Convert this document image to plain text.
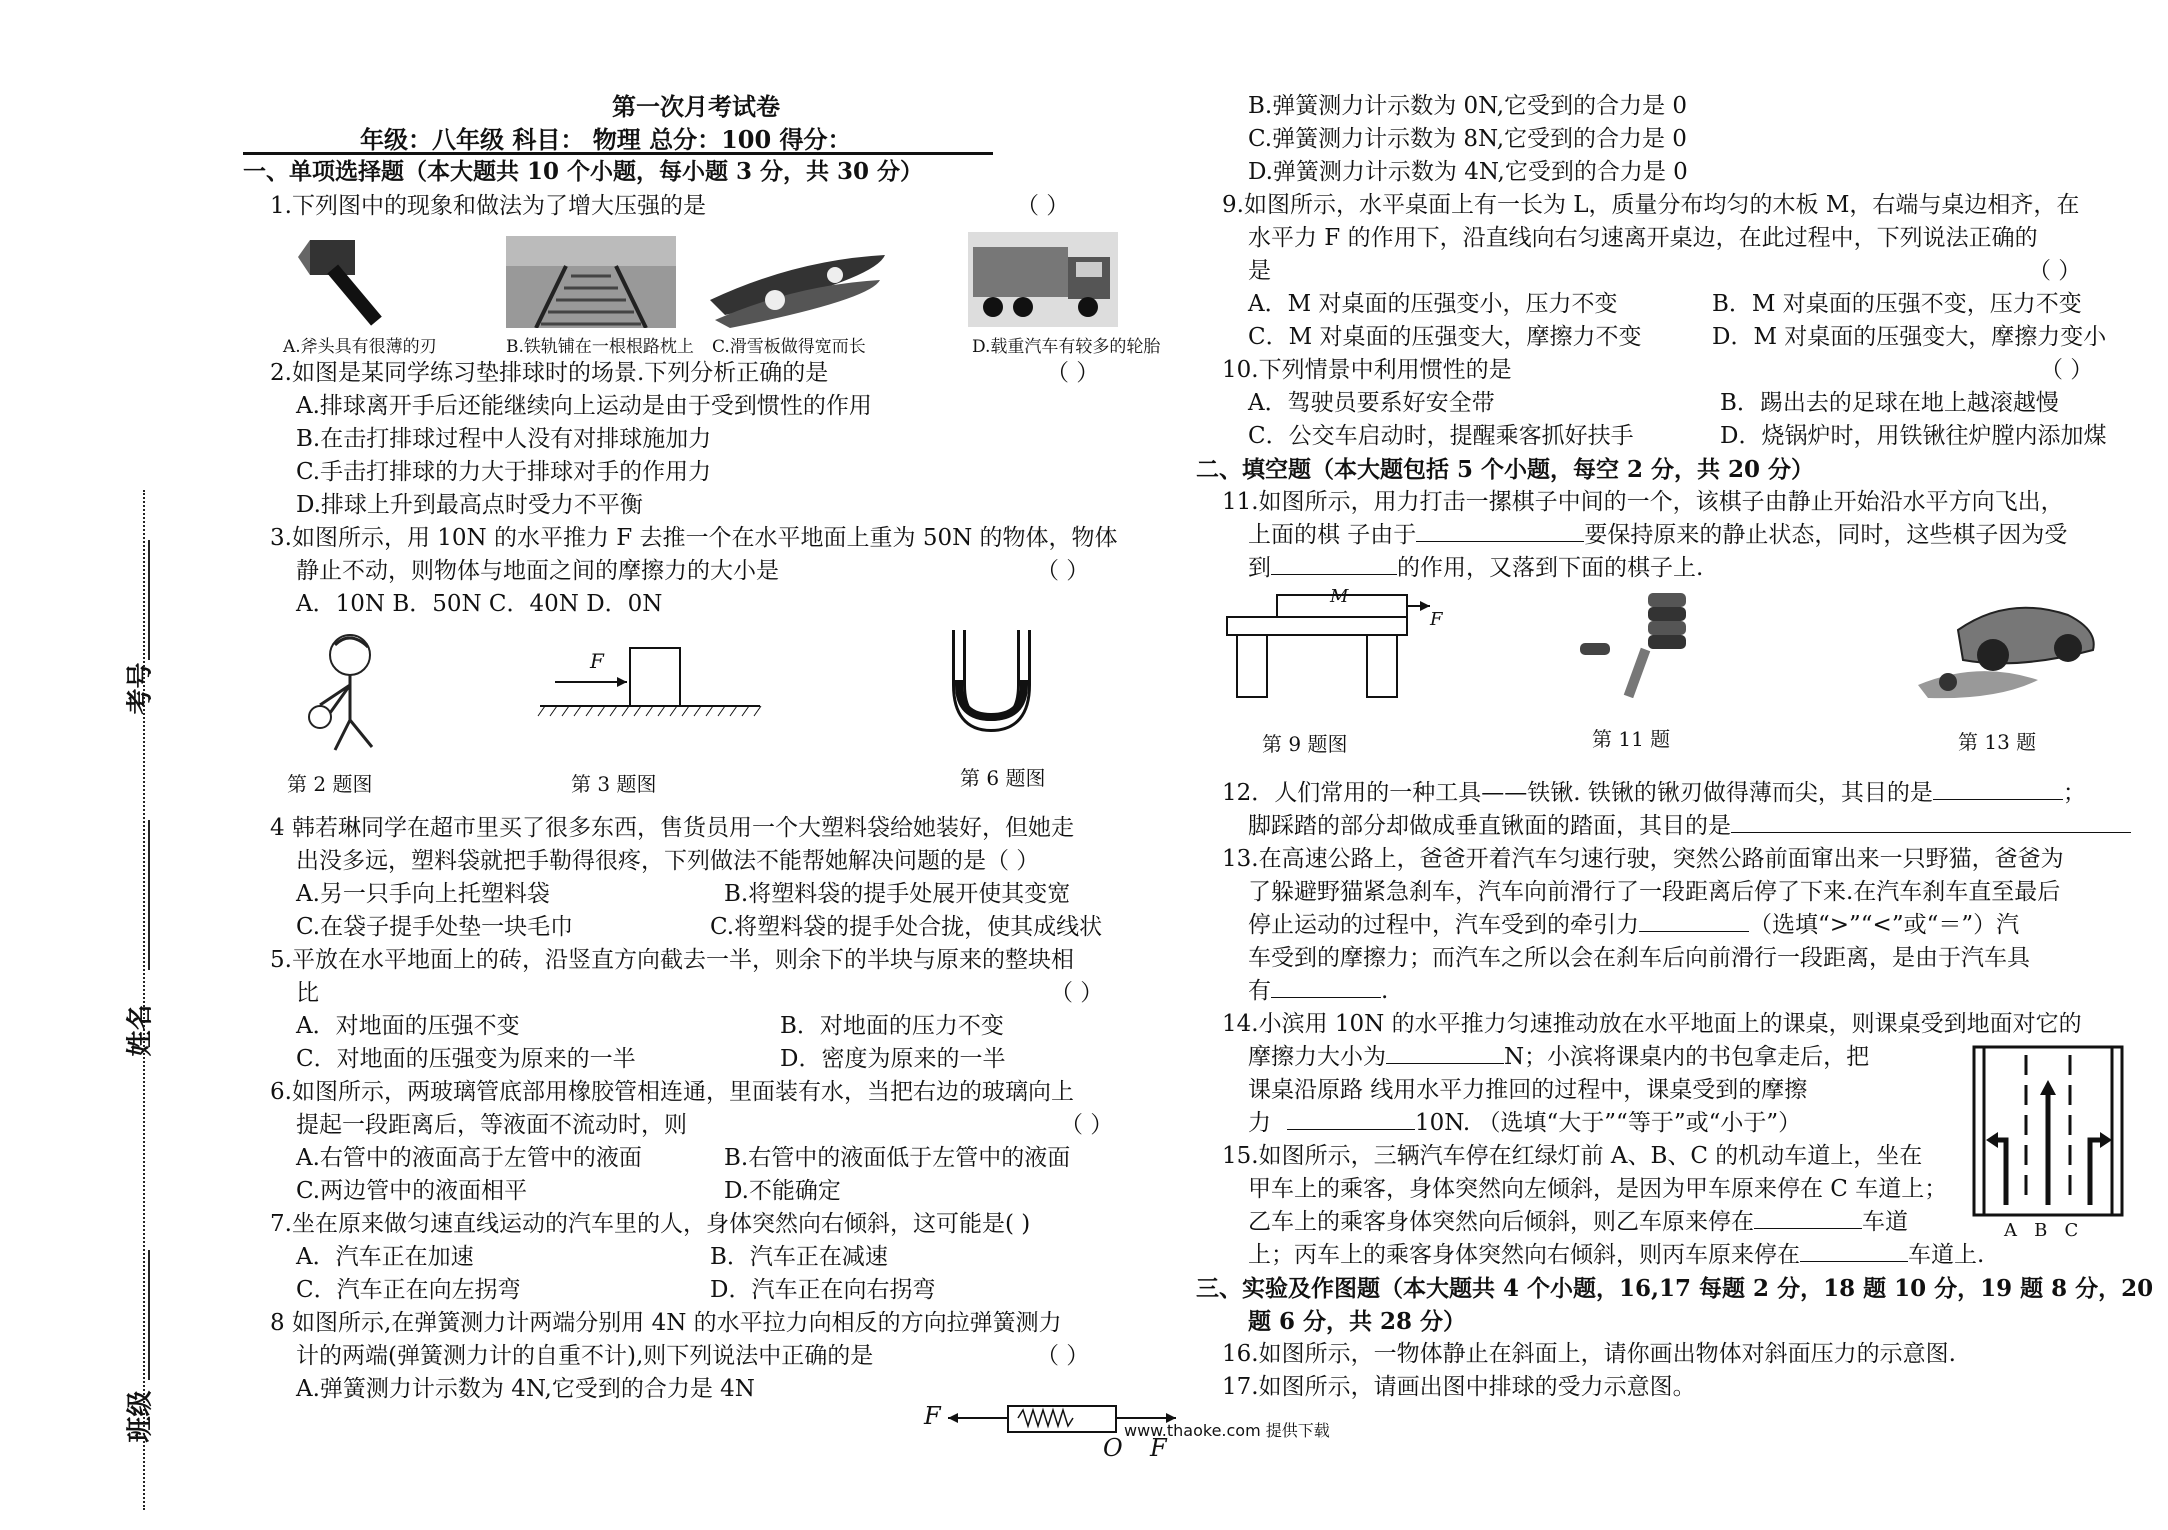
考号
姓名
班级
第一次月考试卷
年级：八年级 科目： 物理 总分：100 得分：
一、单项选择题（本大题共 10 个小题，每小题 3 分，共 30 分）
1.下列图中的现象和做法为了增大压强的是	（ ）
A.斧头具有很薄的刃	B.铁轨铺在一根根路枕上 C.滑雪板做得宽而长	D.载重汽车有较多的轮胎
2.如图是某同学练习垫排球时的场景.下列分析正确的是	（ ）
A.排球离开手后还能继续向上运动是由于受到惯性的作用
B.在击打排球过程中人没有对排球施加力
C.手击打排球的力大于排球对手的作用力
D.排球上升到最高点时受力不平衡
3.如图所示，用 10N 的水平推力 F 去推一个在水平地面上重为 50N 的物体，物体
静止不动，则物体与地面之间的摩擦力的大小是	（ ）
A．10N B．50N C．40N D．0N
F
第 2 题图	第 3 题图	第 6 题图
4 韩若琳同学在超市里买了很多东西，售货员用一个大塑料袋给她装好，但她走
出没多远，塑料袋就把手勒得很疼，下列做法不能帮她解决问题的是（ ）
A.另一只手向上托塑料袋	B.将塑料袋的提手处展开使其变宽
C.在袋子提手处垫一块毛巾	C.将塑料袋的提手处合拢，使其成线状
5.平放在水平地面上的砖，沿竖直方向截去一半，则余下的半块与原来的整块相
比	（ ）
A．对地面的压强不变	B．对地面的压力不变
C．对地面的压强变为原来的一半	D．密度为原来的一半
6.如图所示，两玻璃管底部用橡胶管相连通，里面装有水，当把右边的玻璃向上
提起一段距离后，等液面不流动时，则	（ ）
A.右管中的液面高于左管中的液面	B.右管中的液面低于左管中的液面
C.两边管中的液面相平	D.不能确定
7.坐在原来做匀速直线运动的汽车里的人，身体突然向右倾斜，这可能是( )
A．汽车正在加速	B．汽车正在减速
C．汽车正在向左拐弯	D．汽车正在向右拐弯
8 如图所示,在弹簧测力计两端分别用 4N 的水平拉力向相反的方向拉弹簧测力
计的两端(弹簧测力计的自重不计),则下列说法中正确的是	（ ）
A.弹簧测力计示数为 4N,它受到的合力是 4N
F
O F
www.thaoke.com 提供下载
B.弹簧测力计示数为 0N,它受到的合力是 0
C.弹簧测力计示数为 8N,它受到的合力是 0
D.弹簧测力计示数为 4N,它受到的合力是 0
9.如图所示，水平桌面上有一长为 L，质量分布均匀的木板 M，右端与桌边相齐，在
水平力 F 的作用下，沿直线向右匀速离开桌边，在此过程中，下列说法正确的
是	（ ）
A．M 对桌面的压强变小，压力不变	B．M 对桌面的压强不变，压力不变
C．M 对桌面的压强变大，摩擦力不变	D．M 对桌面的压强变大，摩擦力变小
10.下列情景中利用惯性的是	（ ）
A．驾驶员要系好安全带	B．踢出去的足球在地上越滚越慢
C．公交车启动时，提醒乘客抓好扶手	D．烧锅炉时，用铁锹往炉膛内添加煤
二、填空题（本大题包括 5 个小题，每空 2 分，共 20 分）
11.如图所示，用力打击一摞棋子中间的一个，该棋子由静止开始沿水平方向飞出，
上面的棋 子由于	要保持原来的静止状态，同时，这些棋子因为受
到	的作用，又落到下面的棋子上.
M
F
第 9 题图	第 11 题	第 13 题
12．人们常用的一种工具——铁锹. 铁锹的锹刃做得薄而尖，其目的是	；
脚踩踏的部分却做成垂直锹面的踏面，其目的是
13.在高速公路上，爸爸开着汽车匀速行驶，突然公路前面窜出来一只野猫，爸爸为
了躲避野猫紧急刹车，汽车向前滑行了一段距离后停了下来.在汽车刹车直至最后
停止运动的过程中，汽车受到的牵引力	（选填“>”“<”或“＝”）汽
车受到的摩擦力；而汽车之所以会在刹车后向前滑行一段距离，是由于汽车具
有	.
14.小滨用 10N 的水平推力匀速推动放在水平地面上的课桌，则课桌受到地面对它的
摩擦力大小为	N；小滨将课桌内的书包拿走后，把
课桌沿原路 线用水平力推回的过程中，课桌受到的摩擦
力	10N. （选填“大于”“等于”或“小于”）
A   B   C
15.如图所示，三辆汽车停在红绿灯前 A、B、C 的机动车道上，坐在
甲车上的乘客，身体突然向左倾斜，是因为甲车原来停在 C 车道上；
乙车上的乘客身体突然向后倾斜，则乙车原来停在	车道
上；丙车上的乘客身体突然向右倾斜，则丙车原来停在	车道上.
三、实验及作图题（本大题共 4 个小题，16,17 每题 2 分，18 题 10 分，19 题 8 分，20
题 6 分，共 28 分）
16.如图所示，一物体静止在斜面上，请你画出物体对斜面压力的示意图.
17.如图所示，请画出图中排球的受力示意图。
